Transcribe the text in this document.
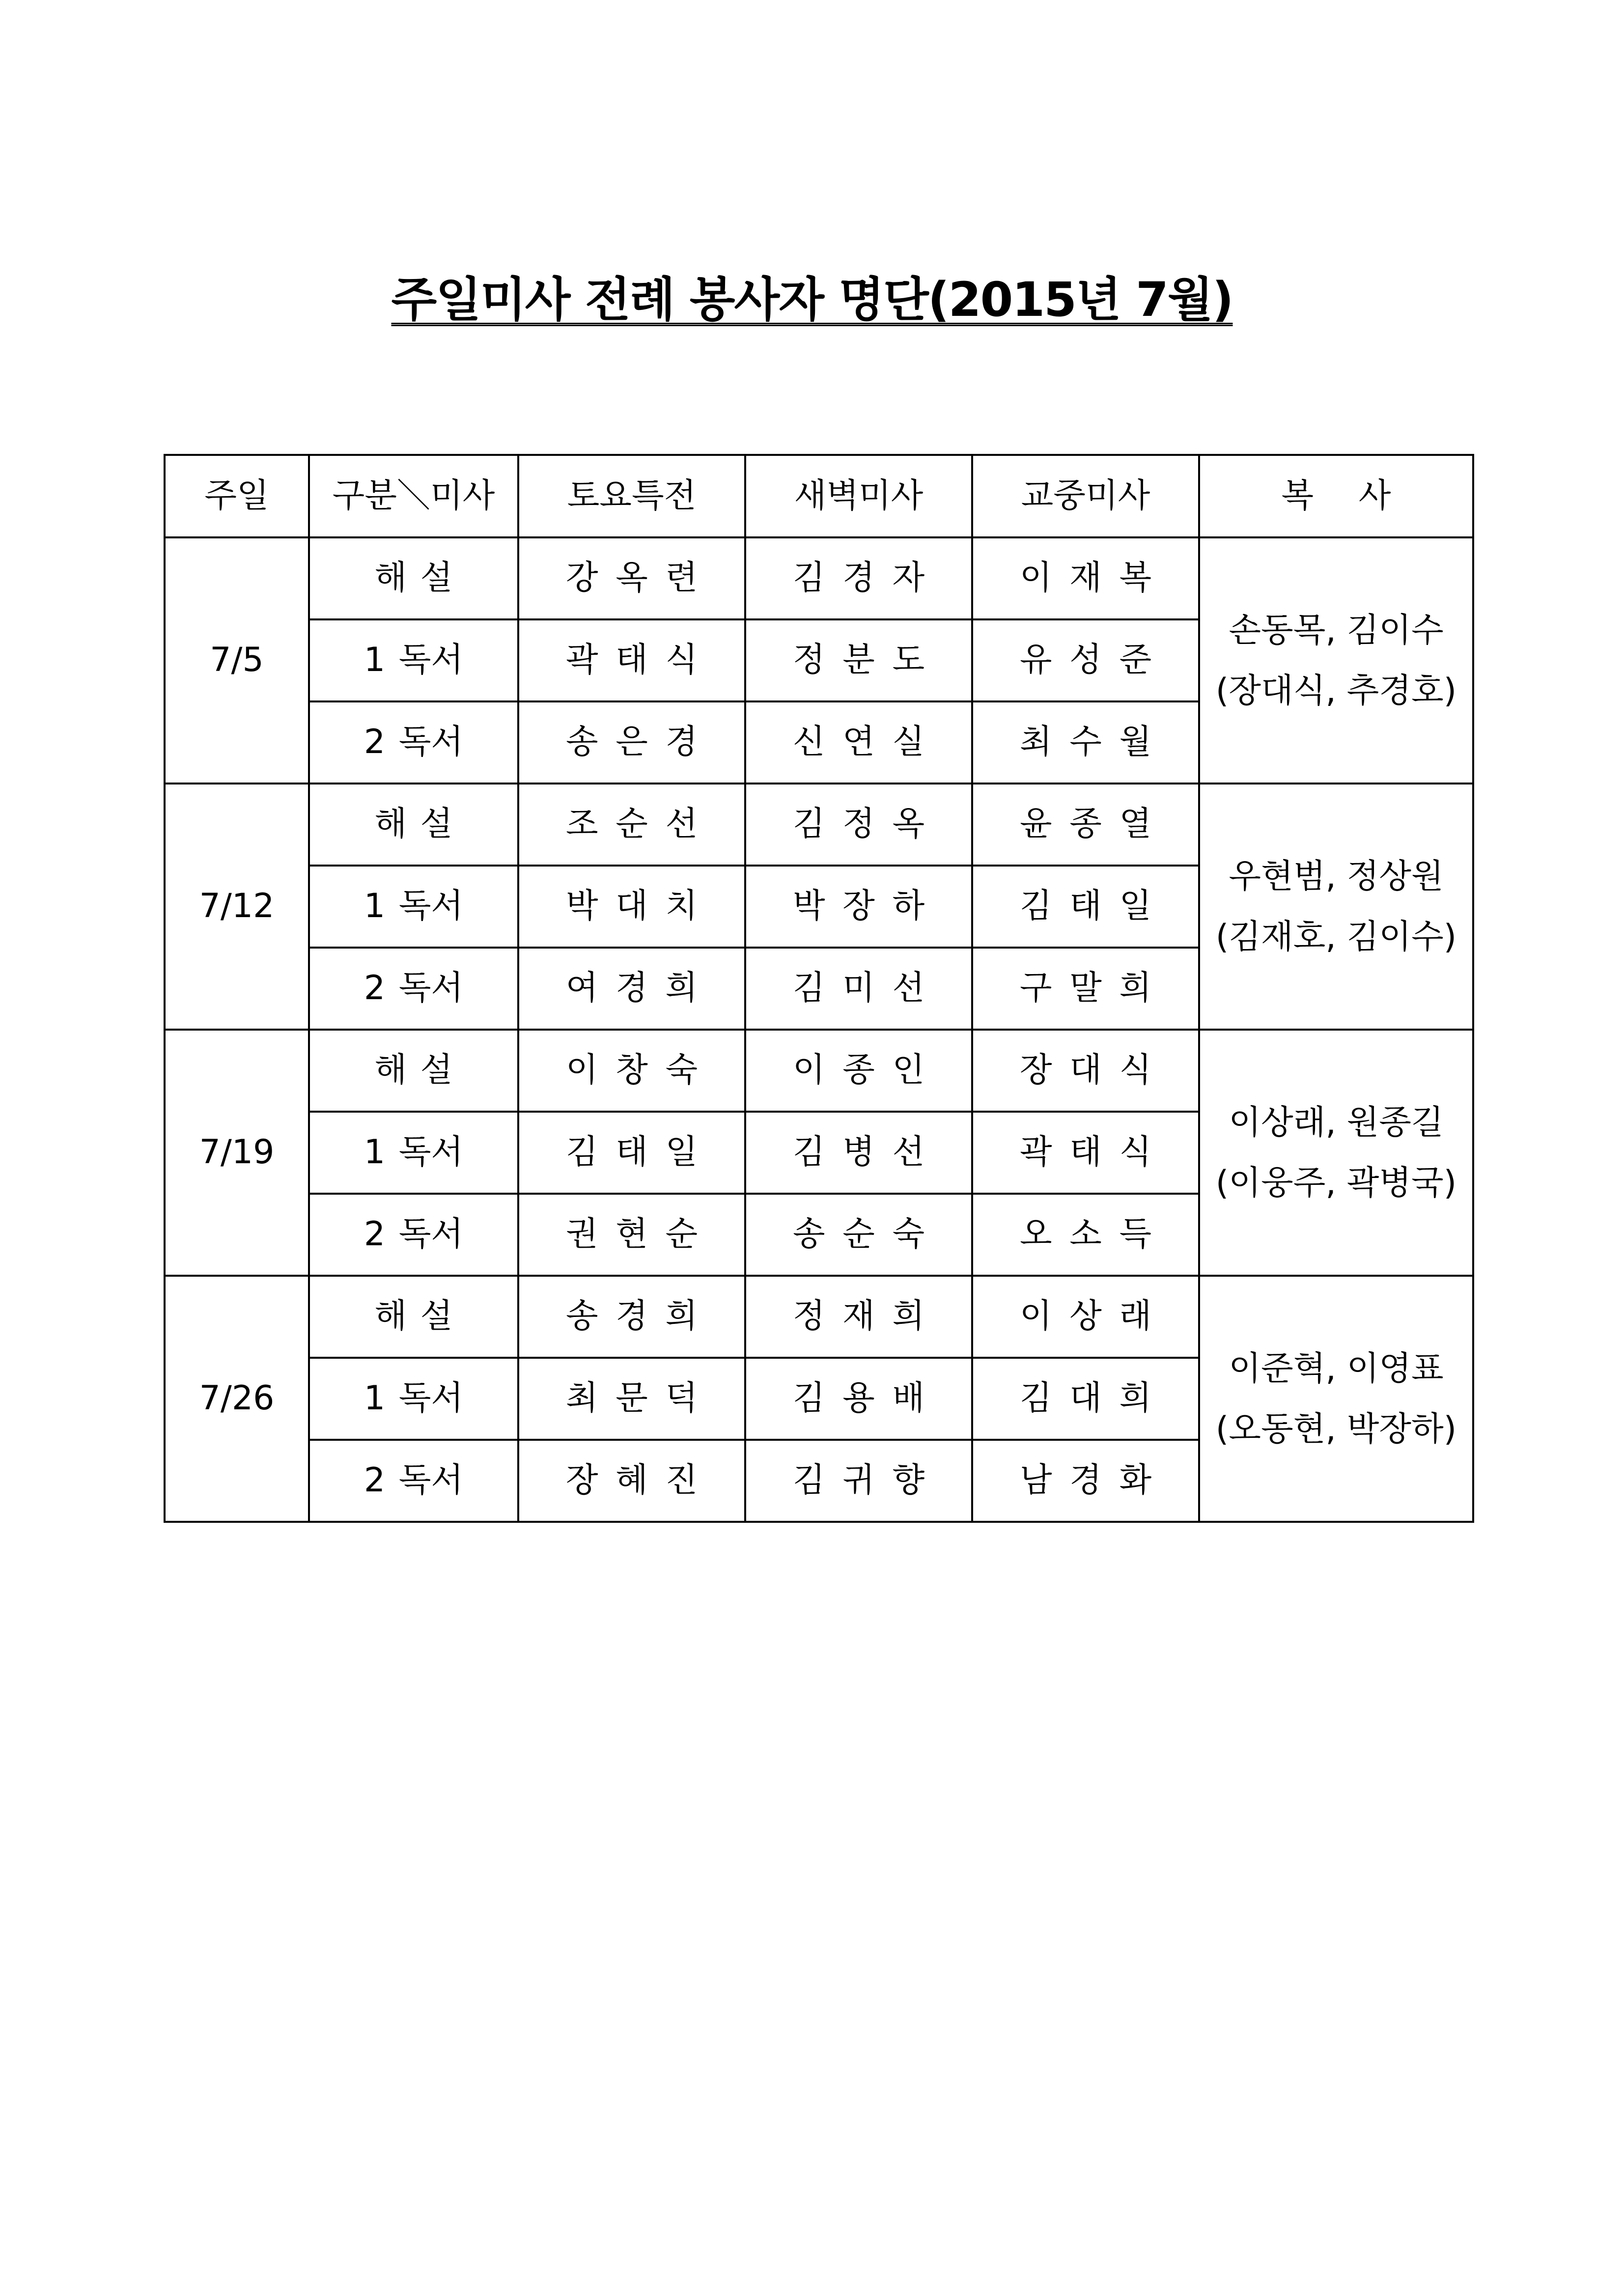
주일미사 전례 봉사자 명단(2015년 7월)
주일	구분＼미사	토요특전	새벽미사	교중미사	복 사
7/5	해 설	강 옥 련	김 경 자	이 재 복	손동목, 김이수
(장대식, 추경호)

	1 독서	곽 태 식	정 분 도	유 성 준	
	2 독서	송 은 경	신 연 실	최 수 월	
7/12	해 설	조 순 선	김 정 옥	윤 종 열	우현범, 정상원
(김재호, 김이수)

	1 독서	박 대 치	박 장 하	김 태 일	
	2 독서	여 경 희	김 미 선	구 말 희	
7/19	해 설	이 창 숙	이 종 인	장 대 식	이상래, 원종길
(이웅주, 곽병국)

	1 독서	김 태 일	김 병 선	곽 태 식	
	2 독서	권 현 순	송 순 숙	오 소 득	
7/26	해 설	송 경 희	정 재 희	이 상 래	이준혁, 이영표
(오동현, 박장하)

	1 독서	최 문 덕	김 용 배	김 대 희	
	2 독서	장 혜 진	김 귀 향	남 경 화	
